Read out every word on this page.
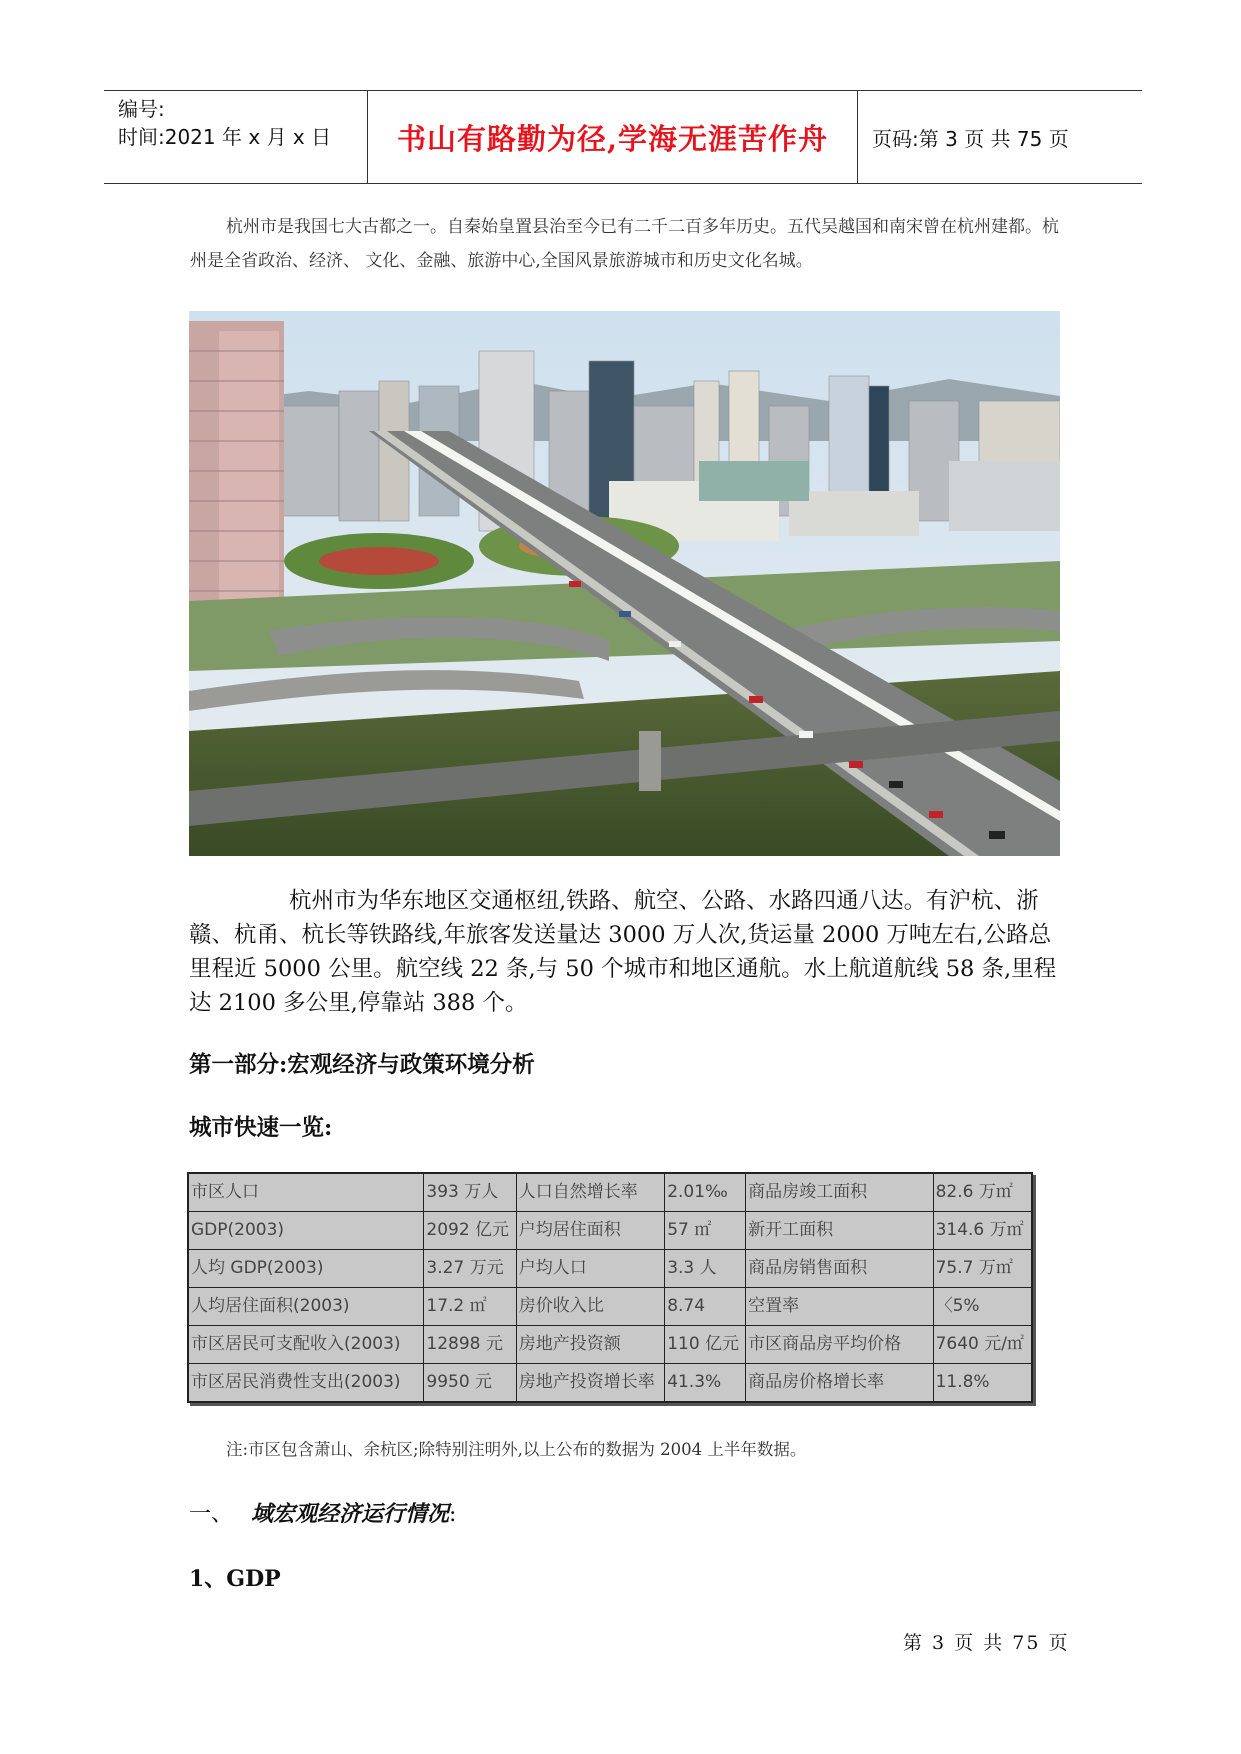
编号:
时间:2021 年 x 月 x 日 书山有路勤为径,学海无涯苦作舟 页码:第 3 页 共 75 页

杭州市是我国七大古都之一。自秦始皇置县治至今已有二千二百多年历史。五代吴越国和南宋曾在杭州建都。杭州是全省政治、经济、 文化、金融、旅游中心,全国风景旅游城市和历史文化名城。

杭州市为华东地区交通枢纽,铁路、航空、公路、水路四通八达。有沪杭、浙赣、杭甬、杭长等铁路线,年旅客发送量达 3000 万人次,货运量 2000 万吨左右,公路总里程近 5000 公里。航空线 22 条,与 50 个城市和地区通航。水上航道航线 58 条,里程达 2100 多公里,停靠站 388 个。

第一部分:宏观经济与政策环境分析

城市快速一览:

市区人口	393 万人	人口自然增长率	2.01‰	商品房竣工面积	82.6 万㎡
GDP(2003)	2092 亿元	户均居住面积	57 ㎡	新开工面积	314.6 万㎡
人均 GDP(2003)	3.27 万元	户均人口	3.3 人	商品房销售面积	75.7 万㎡
人均居住面积(2003)	17.2 ㎡	房价收入比	8.74	空置率	〈5%
市区居民可支配收入(2003)	12898 元	房地产投资额	110 亿元	市区商品房平均价格	7640 元/㎡
市区居民消费性支出(2003)	9950 元	房地产投资增长率	41.3%	商品房价格增长率	11.8%

注:市区包含萧山、余杭区;除特别注明外,以上公布的数据为 2004 上半年数据。

一、 域宏观经济运行情况:

1、GDP

第 3 页 共 75 页
